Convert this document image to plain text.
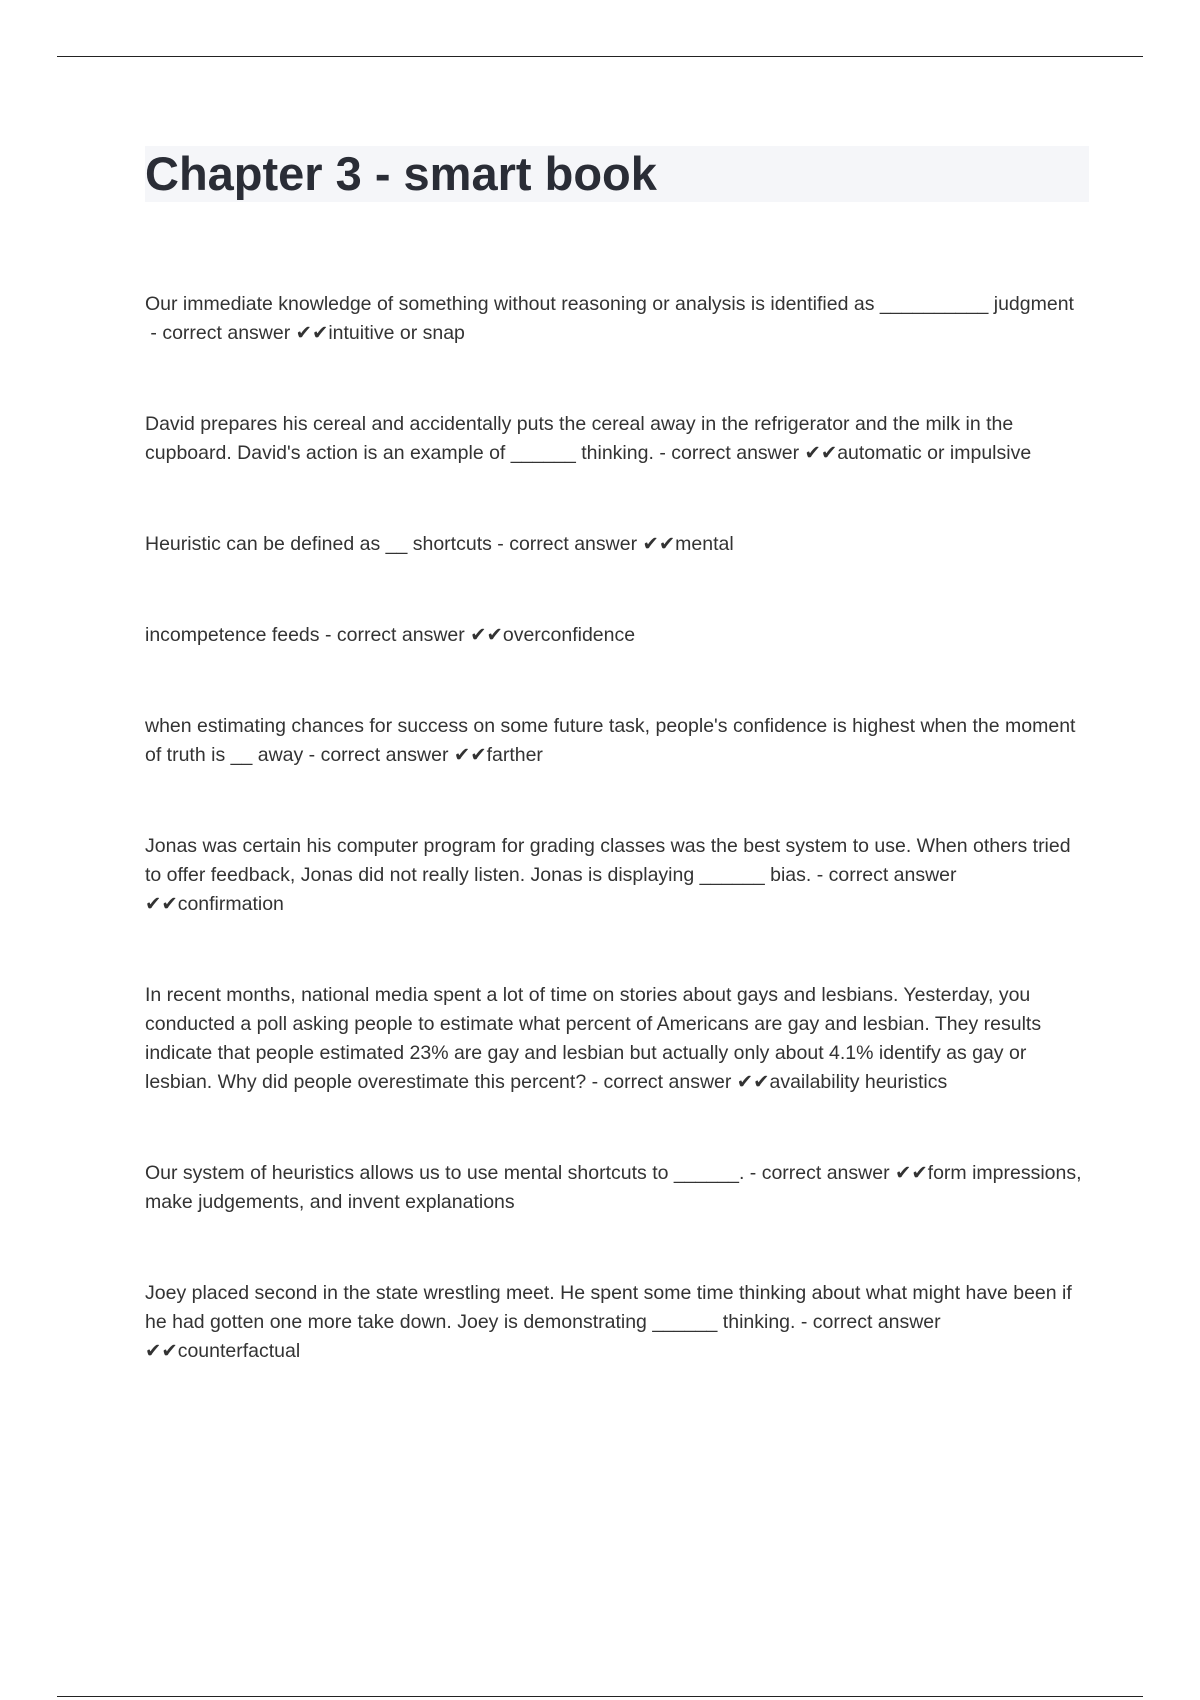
Chapter 3 - smart book

Our immediate knowledge of something without reasoning or analysis is identified as __________ judgment - correct answer ✔✔intuitive or snap

David prepares his cereal and accidentally puts the cereal away in the refrigerator and the milk in the cupboard. David's action is an example of ______ thinking. - correct answer ✔✔automatic or impulsive

Heuristic can be defined as __ shortcuts - correct answer ✔✔mental

incompetence feeds - correct answer ✔✔overconfidence

when estimating chances for success on some future task, people's confidence is highest when the moment of truth is __ away - correct answer ✔✔farther

Jonas was certain his computer program for grading classes was the best system to use. When others tried to offer feedback, Jonas did not really listen. Jonas is displaying ______ bias. - correct answer ✔✔confirmation

In recent months, national media spent a lot of time on stories about gays and lesbians. Yesterday, you conducted a poll asking people to estimate what percent of Americans are gay and lesbian. They results indicate that people estimated 23% are gay and lesbian but actually only about 4.1% identify as gay or lesbian. Why did people overestimate this percent? - correct answer ✔✔availability heuristics

Our system of heuristics allows us to use mental shortcuts to ______. - correct answer ✔✔form impressions, make judgements, and invent explanations

Joey placed second in the state wrestling meet. He spent some time thinking about what might have been if he had gotten one more take down. Joey is demonstrating ______ thinking. - correct answer ✔✔counterfactual
